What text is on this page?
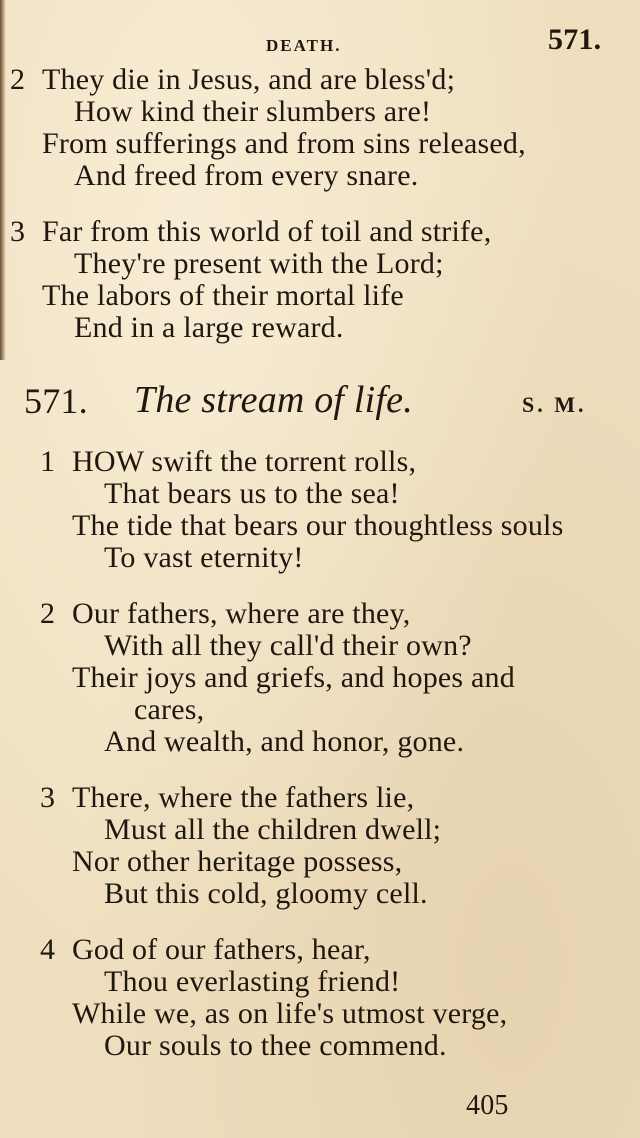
DEATH.	571.
2 They die in Jesus, and are bless'd;
How kind their slumbers are!
From sufferings and from sins released,
And freed from every snare.
3 Far from this world of toil and strife,
They're present with the Lord;
The labors of their mortal life
End in a large reward.
571. The stream of life.	S. M.
1 HOW swift the torrent rolls,
That bears us to the sea!
The tide that bears our thoughtless souls
To vast eternity!
2 Our fathers, where are they,
With all they call'd their own?
Their joys and griefs, and hopes and
cares,
And wealth, and honor, gone.
3 There, where the fathers lie,
Must all the children dwell;
Nor other heritage possess,
But this cold, gloomy cell.
4 God of our fathers, hear,
Thou everlasting friend!
While we, as on life's utmost verge,
Our souls to thee commend.
405
